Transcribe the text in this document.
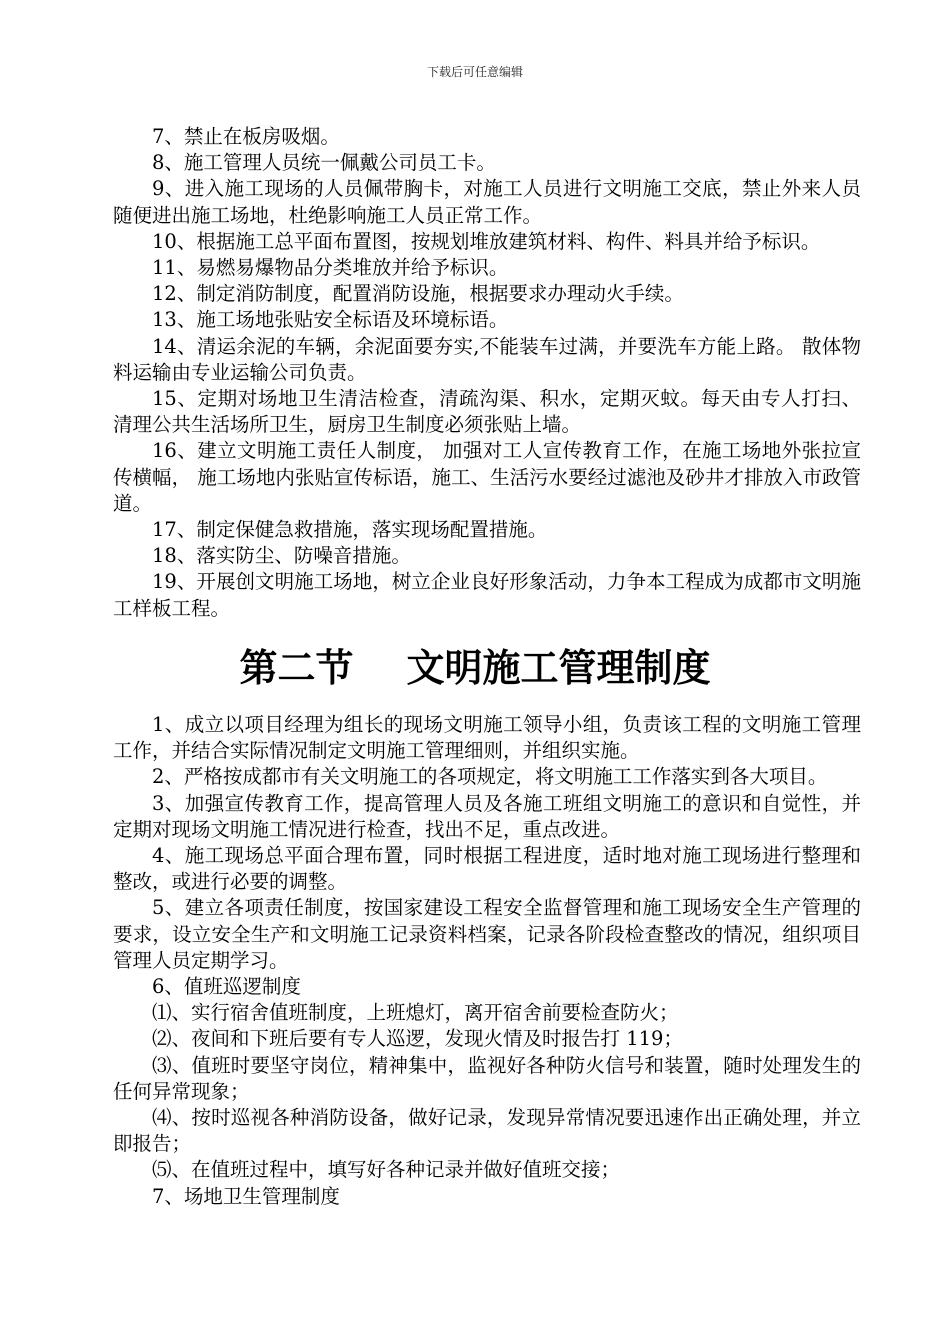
下载后可任意编辑

7、禁止在板房吸烟。

8、施工管理人员统一佩戴公司员工卡。

9、进入施工现场的人员佩带胸卡，对施工人员进行文明施工交底，禁止外来人员随便进出施工场地，杜绝影响施工人员正常工作。

10、根据施工总平面布置图，按规划堆放建筑材料、构件、料具并给予标识。

11、易燃易爆物品分类堆放并给予标识。

12、制定消防制度，配置消防设施，根据要求办理动火手续。

13、施工场地张贴安全标语及环境标语。

14、清运余泥的车辆，余泥面要夯实,不能装车过满，并要洗车方能上路。 散体物料运输由专业运输公司负责。

15、定期对场地卫生清洁检查，清疏沟渠、积水，定期灭蚊。每天由专人打扫、 清理公共生活场所卫生，厨房卫生制度必须张贴上墙。

16、建立文明施工责任人制度， 加强对工人宣传教育工作，在施工场地外张拉宣传横幅， 施工场地内张贴宣传标语，施工、生活污水要经过滤池及砂井才排放入市政管道。

17、制定保健急救措施，落实现场配置措施。

18、落实防尘、防噪音措施。

19、开展创文明施工场地，树立企业良好形象活动，力争本工程成为成都市文明施工样板工程。

第二节    文明施工管理制度

1、成立以项目经理为组长的现场文明施工领导小组，负责该工程的文明施工管理工作，并结合实际情况制定文明施工管理细则，并组织实施。

2、严格按成都市有关文明施工的各项规定，将文明施工工作落实到各大项目。

3、加强宣传教育工作，提高管理人员及各施工班组文明施工的意识和自觉性，并定期对现场文明施工情况进行检查，找出不足，重点改进。

4、施工现场总平面合理布置，同时根据工程进度，适时地对施工现场进行整理和整改，或进行必要的调整。

5、建立各项责任制度，按国家建设工程安全监督管理和施工现场安全生产管理的要求，设立安全生产和文明施工记录资料档案，记录各阶段检查整改的情况，组织项目管理人员定期学习。

6、值班巡逻制度

⑴、实行宿舍值班制度，上班熄灯，离开宿舍前要检查防火；

⑵、夜间和下班后要有专人巡逻，发现火情及时报告打 119；

⑶、值班时要坚守岗位，精神集中，监视好各种防火信号和装置，随时处理发生的任何异常现象；

⑷、按时巡视各种消防设备，做好记录，发现异常情况要迅速作出正确处理，并立即报告；

⑸、在值班过程中，填写好各种记录并做好值班交接；

7、场地卫生管理制度
